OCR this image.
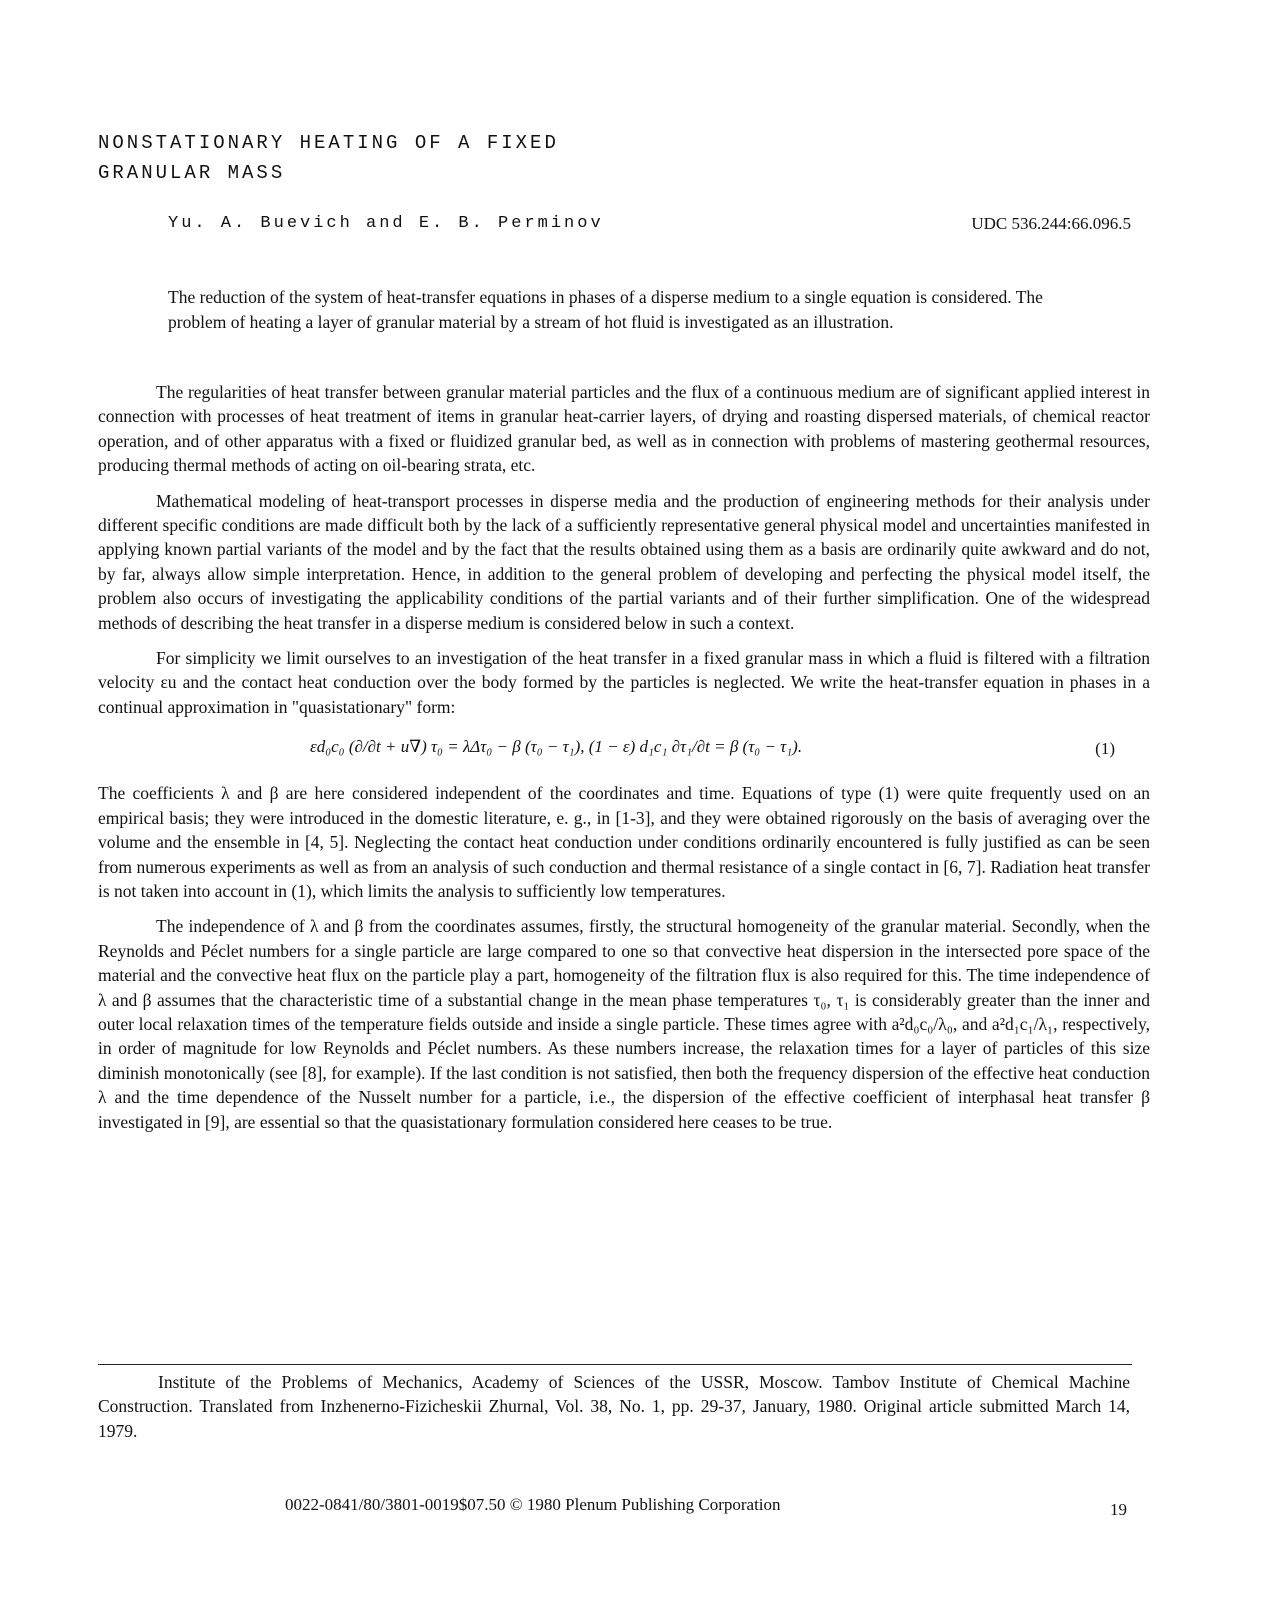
NONSTATIONARY HEATING OF A FIXED
GRANULAR MASS
Yu. A. Buevich and E. B. Perminov	UDC 536.244:66.096.5

The reduction of the system of heat-transfer equations in phases of a disperse medium to a single equation is considered. The problem of heating a layer of granular material by a stream of hot fluid is investigated as an illustration.

The regularities of heat transfer between granular material particles and the flux of a continuous medium are of significant applied interest in connection with processes of heat treatment of items in granular heat-carrier layers, of drying and roasting dispersed materials, of chemical reactor operation, and of other apparatus with a fixed or fluidized granular bed, as well as in connection with problems of mastering geothermal resources, producing thermal methods of acting on oil-bearing strata, etc.

Mathematical modeling of heat-transport processes in disperse media and the production of engineering methods for their analysis under different specific conditions are made difficult both by the lack of a sufficiently representative general physical model and uncertainties manifested in applying known partial variants of the model and by the fact that the results obtained using them as a basis are ordinarily quite awkward and do not, by far, always allow simple interpretation. Hence, in addition to the general problem of developing and perfecting the physical model itself, the problem also occurs of investigating the applicability conditions of the partial variants and of their further simplification. One of the widespread methods of describing the heat transfer in a disperse medium is considered below in such a context.

For simplicity we limit ourselves to an investigation of the heat transfer in a fixed granular mass in which a fluid is filtered with a filtration velocity εu and the contact heat conduction over the body formed by the particles is neglected. We write the heat-transfer equation in phases in a continual approximation in "quasistationary" form:

εd₀c₀ (∂/∂t + u∇) τ₀ = λΔτ₀ − β (τ₀ − τ₁), (1 − ε) d₁c₁ ∂τ₁/∂t = β (τ₀ − τ₁).	(1)

The coefficients λ and β are here considered independent of the coordinates and time. Equations of type (1) were quite frequently used on an empirical basis; they were introduced in the domestic literature, e. g., in [1-3], and they were obtained rigorously on the basis of averaging over the volume and the ensemble in [4, 5]. Neglecting the contact heat conduction under conditions ordinarily encountered is fully justified as can be seen from numerous experiments as well as from an analysis of such conduction and thermal resistance of a single contact in [6, 7]. Radiation heat transfer is not taken into account in (1), which limits the analysis to sufficiently low temperatures.

The independence of λ and β from the coordinates assumes, firstly, the structural homogeneity of the granular material. Secondly, when the Reynolds and Péclet numbers for a single particle are large compared to one so that convective heat dispersion in the intersected pore space of the material and the convective heat flux on the particle play a part, homogeneity of the filtration flux is also required for this. The time independence of λ and β assumes that the characteristic time of a substantial change in the mean phase temperatures τ₀, τ₁ is considerably greater than the inner and outer local relaxation times of the temperature fields outside and inside a single particle. These times agree with a²d₀c₀/λ₀, and a²d₁c₁/λ₁, respectively, in order of magnitude for low Reynolds and Péclet numbers. As these numbers increase, the relaxation times for a layer of particles of this size diminish monotonically (see [8], for example). If the last condition is not satisfied, then both the frequency dispersion of the effective heat conduction λ and the time dependence of the Nusselt number for a particle, i.e., the dispersion of the effective coefficient of interphasal heat transfer β investigated in [9], are essential so that the quasistationary formulation considered here ceases to be true.

Institute of the Problems of Mechanics, Academy of Sciences of the USSR, Moscow. Tambov Institute of Chemical Machine Construction. Translated from Inzhenerno-Fizicheskii Zhurnal, Vol. 38, No. 1, pp. 29-37, January, 1980. Original article submitted March 14, 1979.

0022-0841/80/3801-0019$07.50 © 1980 Plenum Publishing Corporation	19
